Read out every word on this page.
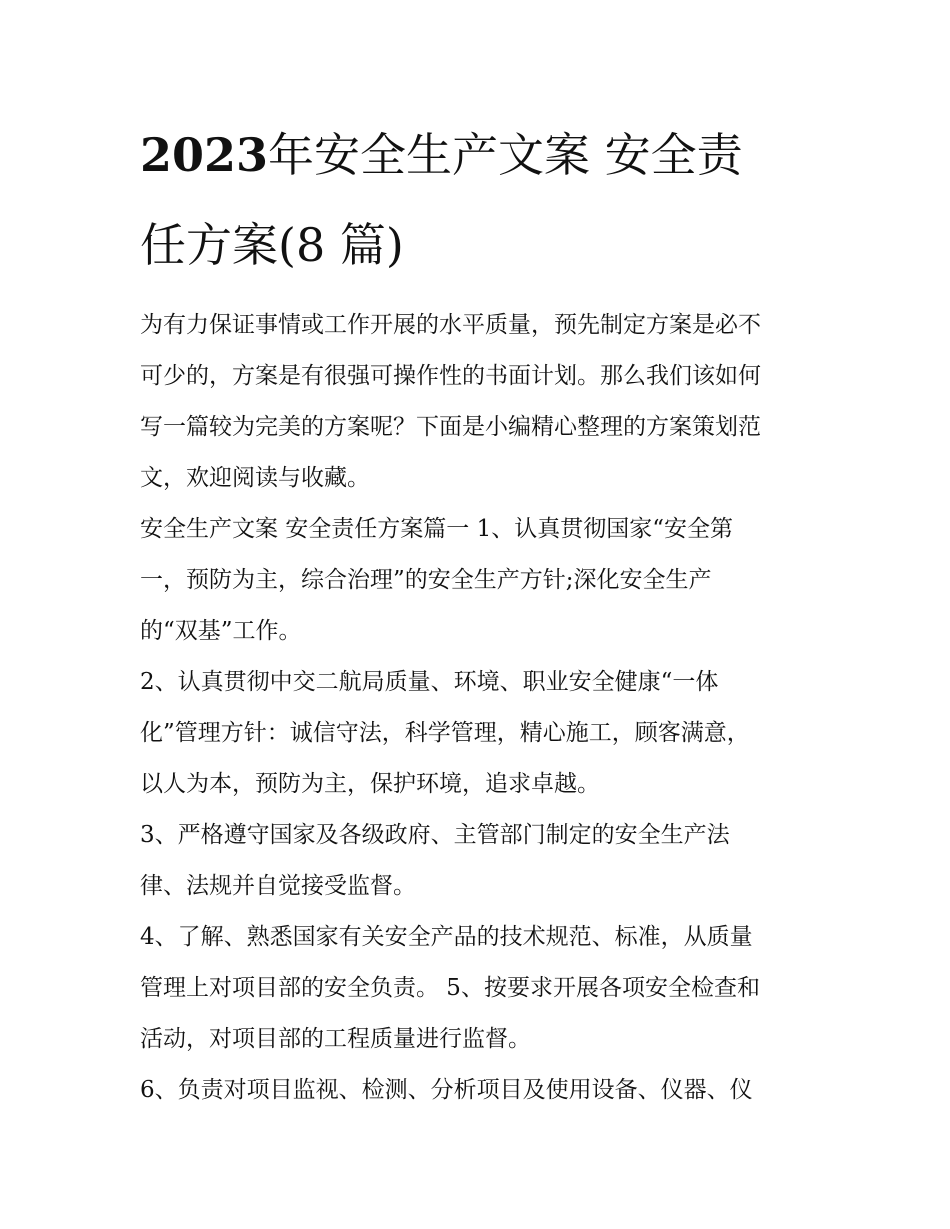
2023年安全生产文案 安全责
任方案(8 篇)

为有力保证事情或工作开展的水平质量，预先制定方案是必不
可少的，方案是有很强可操作性的书面计划。那么我们该如何
写一篇较为完美的方案呢？下面是小编精心整理的方案策划范
文，欢迎阅读与收藏。

安全生产文案 安全责任方案篇一 1、认真贯彻国家“安全第
一，预防为主，综合治理”的安全生产方针;深化安全生产
的“双基”工作。

2、认真贯彻中交二航局质量、环境、职业安全健康“一体
化”管理方针：诚信守法，科学管理，精心施工，顾客满意，
以人为本，预防为主，保护环境，追求卓越。

3、严格遵守国家及各级政府、主管部门制定的安全生产法
律、法规并自觉接受监督。

4、了解、熟悉国家有关安全产品的技术规范、标准，从质量
管理上对项目部的安全负责。 5、按要求开展各项安全检查和
活动，对项目部的工程质量进行监督。

6、负责对项目监视、检测、分析项目及使用设备、仪器、仪
